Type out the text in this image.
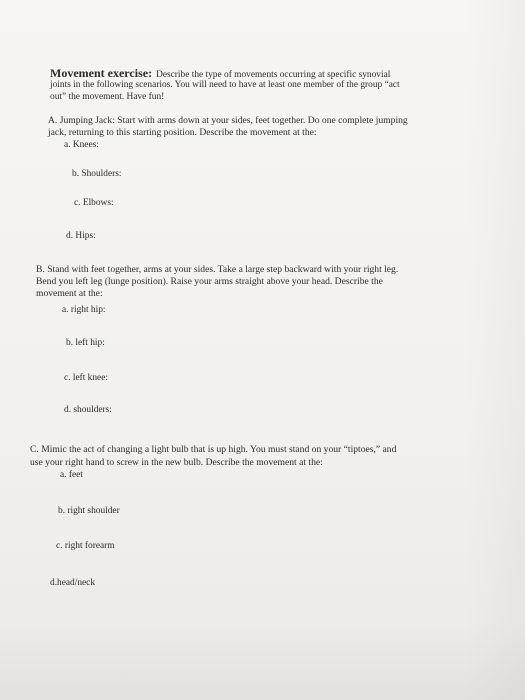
Movement exercise: Describe the type of movements occurring at specific synovial
joints in the following scenarios. You will need to have at least one member of the group “act
out” the movement. Have fun!
A. Jumping Jack: Start with arms down at your sides, feet together. Do one complete jumping
jack, returning to this starting position. Describe the movement at the:
a. Knees:
b. Shoulders:
c. Elbows:
d. Hips:
B. Stand with feet together, arms at your sides. Take a large step backward with your right leg.
Bend you left leg (lunge position). Raise your arms straight above your head. Describe the
movement at the:
a. right hip:
b. left hip:
c. left knee:
d. shoulders:
C. Mimic the act of changing a light bulb that is up high. You must stand on your “tiptoes,” and
use your right hand to screw in the new bulb. Describe the movement at the:
a. feet
b. right shoulder
c. right forearm
d.head/neck
